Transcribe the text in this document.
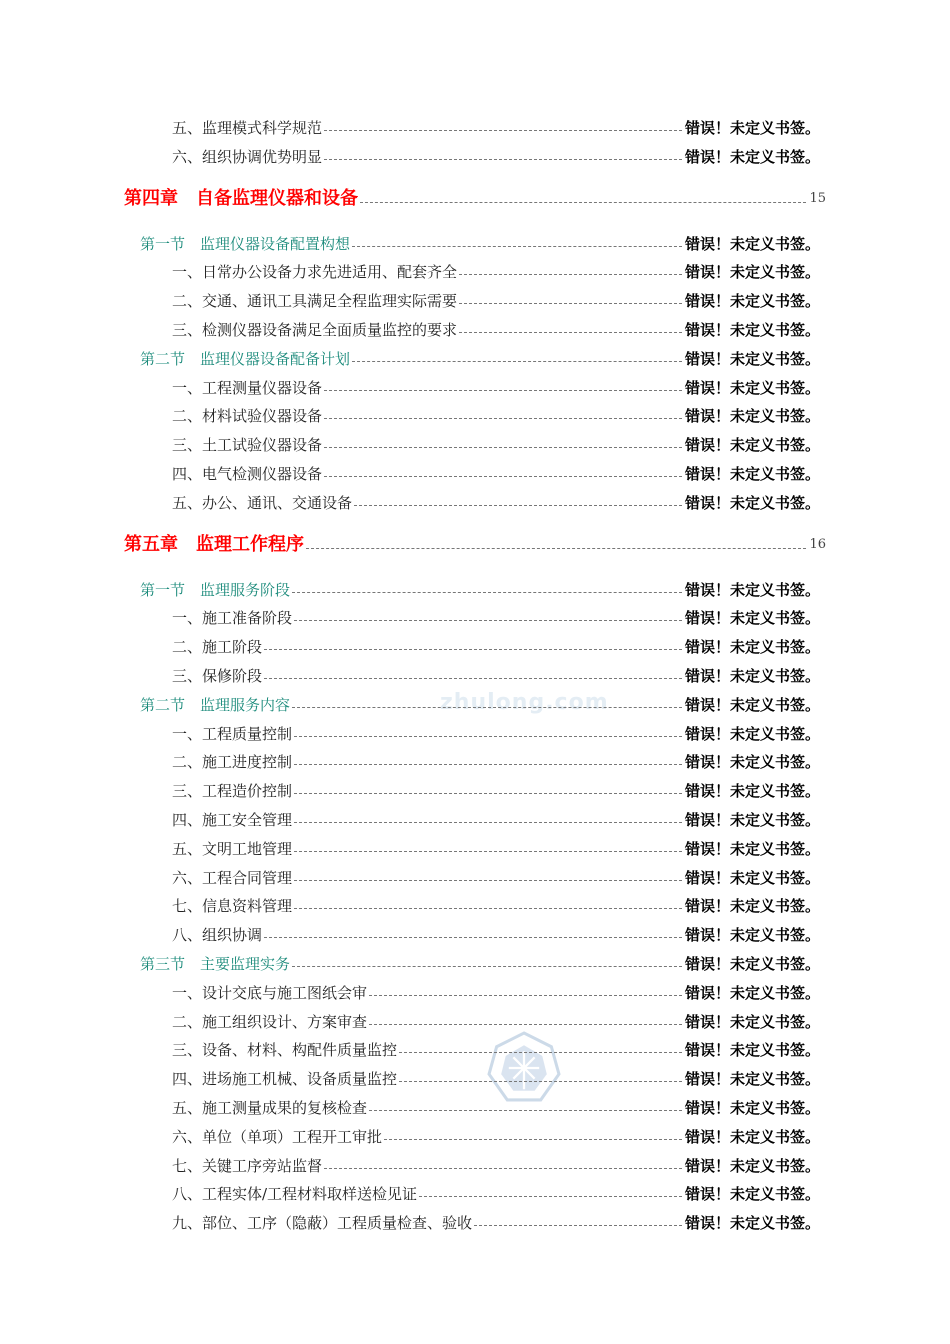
zhulong.com
五、监理模式科学规范	错误！未定义书签。
六、组织协调优势明显	错误！未定义书签。
第四章　自备监理仪器和设备	15
第一节　监理仪器设备配置构想	错误！未定义书签。
一、日常办公设备力求先进适用、配套齐全	错误！未定义书签。
二、交通、通讯工具满足全程监理实际需要	错误！未定义书签。
三、检测仪器设备满足全面质量监控的要求	错误！未定义书签。
第二节　监理仪器设备配备计划	错误！未定义书签。
一、工程测量仪器设备	错误！未定义书签。
二、材料试验仪器设备	错误！未定义书签。
三、土工试验仪器设备	错误！未定义书签。
四、电气检测仪器设备	错误！未定义书签。
五、办公、通讯、交通设备	错误！未定义书签。
第五章　监理工作程序	16
第一节　监理服务阶段	错误！未定义书签。
一、施工准备阶段	错误！未定义书签。
二、施工阶段	错误！未定义书签。
三、保修阶段	错误！未定义书签。
第二节　监理服务内容	错误！未定义书签。
一、工程质量控制	错误！未定义书签。
二、施工进度控制	错误！未定义书签。
三、工程造价控制	错误！未定义书签。
四、施工安全管理	错误！未定义书签。
五、文明工地管理	错误！未定义书签。
六、工程合同管理	错误！未定义书签。
七、信息资料管理	错误！未定义书签。
八、组织协调	错误！未定义书签。
第三节　主要监理实务	错误！未定义书签。
一、设计交底与施工图纸会审	错误！未定义书签。
二、施工组织设计、方案审查	错误！未定义书签。
三、设备、材料、构配件质量监控	错误！未定义书签。
四、进场施工机械、设备质量监控	错误！未定义书签。
五、施工测量成果的复核检查	错误！未定义书签。
六、单位（单项）工程开工审批	错误！未定义书签。
七、关键工序旁站监督	错误！未定义书签。
八、工程实体/工程材料取样送检见证	错误！未定义书签。
九、部位、工序（隐蔽）工程质量检查、验收	错误！未定义书签。
